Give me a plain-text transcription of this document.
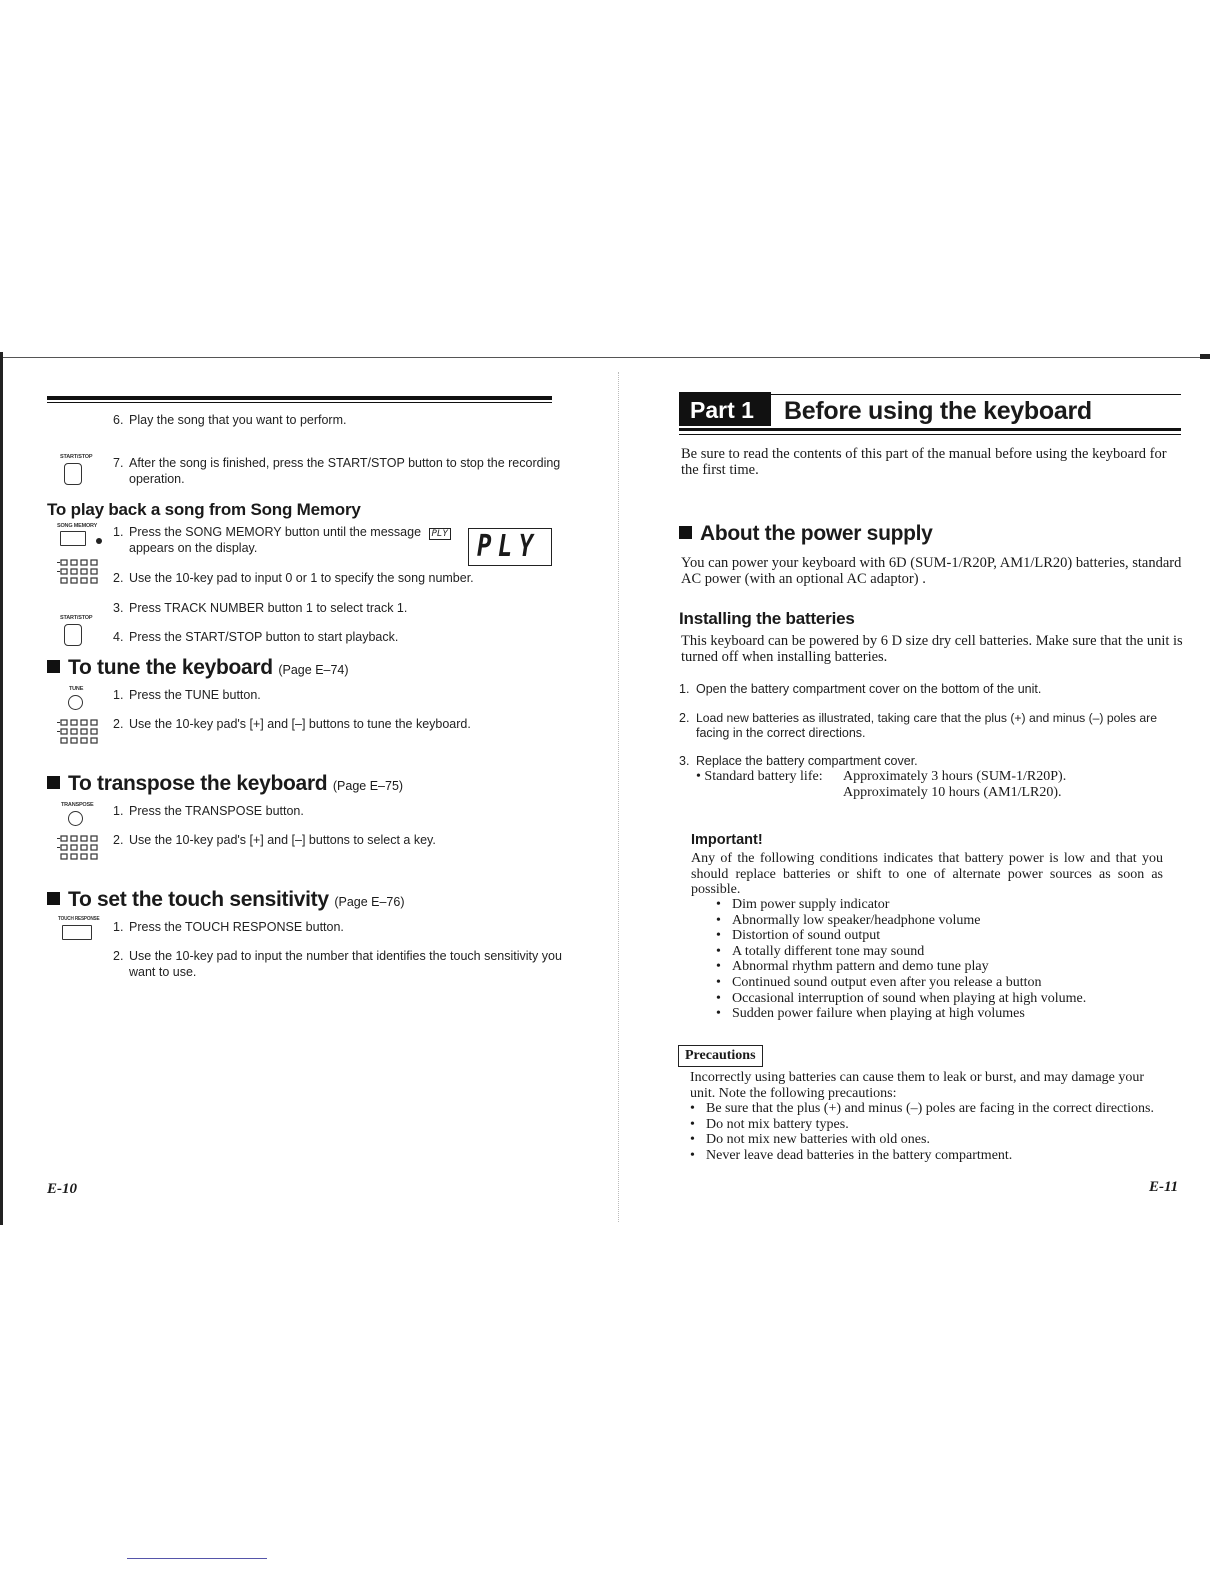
6. Play the song that you want to perform.
START/STOP 7. After the song is finished, press the START/STOP button to stop the recording
operation.
To play back a song from Song Memory
SONG MEMORY 1. Press the SONG MEMORY button until the message PLY
appears on the display.	PLY
2. Use the 10-key pad to input 0 or 1 to specify the song number.
3. Press TRACK NUMBER button 1 to select track 1.
START/STOP
4. Press the START/STOP button to start playback.
To tune the keyboard (Page E–74)
TUNE 1. Press the TUNE button.
2. Use the 10-key pad's [+] and [–] buttons to tune the keyboard.
To transpose the keyboard (Page E–75)
TRANSPOSE 1. Press the TRANSPOSE button.
2. Use the 10-key pad's [+] and [–] buttons to select a key.
To set the touch sensitivity (Page E–76)
TOUCH RESPONSE
1. Press the TOUCH RESPONSE button.
2. Use the 10-key pad to input the number that identifies the touch sensitivity you
want to use.
E-10
Part 1 Before using the keyboard
Be sure to read the contents of this part of the manual before using the keyboard for the first time.
About the power supply
You can power your keyboard with 6D (SUM-1/R20P, AM1/LR20) batteries, standard AC power (with an optional AC adaptor) .
Installing the batteries
This keyboard can be powered by 6 D size dry cell batteries. Make sure that the unit is turned off when installing batteries.
1. Open the battery compartment cover on the bottom of the unit.
2. Load new batteries as illustrated, taking care that the plus (+) and minus (–) poles are
facing in the correct directions.
3. Replace the battery compartment cover.
• Standard battery life: Approximately 3 hours (SUM-1/R20P).
Approximately 10 hours (AM1/LR20).
Important!
Any of the following conditions indicates that battery power is low and that you should replace batteries or shift to one of alternate power sources as soon as possible.
• Dim power supply indicator
• Abnormally low speaker/headphone volume
• Distortion of sound output
• A totally different tone may sound
• Abnormal rhythm pattern and demo tune play
• Continued sound output even after you release a button
• Occasional interruption of sound when playing at high volume.
• Sudden power failure when playing at high volumes
Precautions
Incorrectly using batteries can cause them to leak or burst, and may damage your unit. Note the following precautions:
• Be sure that the plus (+) and minus (–) poles are facing in the correct directions.
• Do not mix battery types.
• Do not mix new batteries with old ones.
• Never leave dead batteries in the battery compartment.
E-11
